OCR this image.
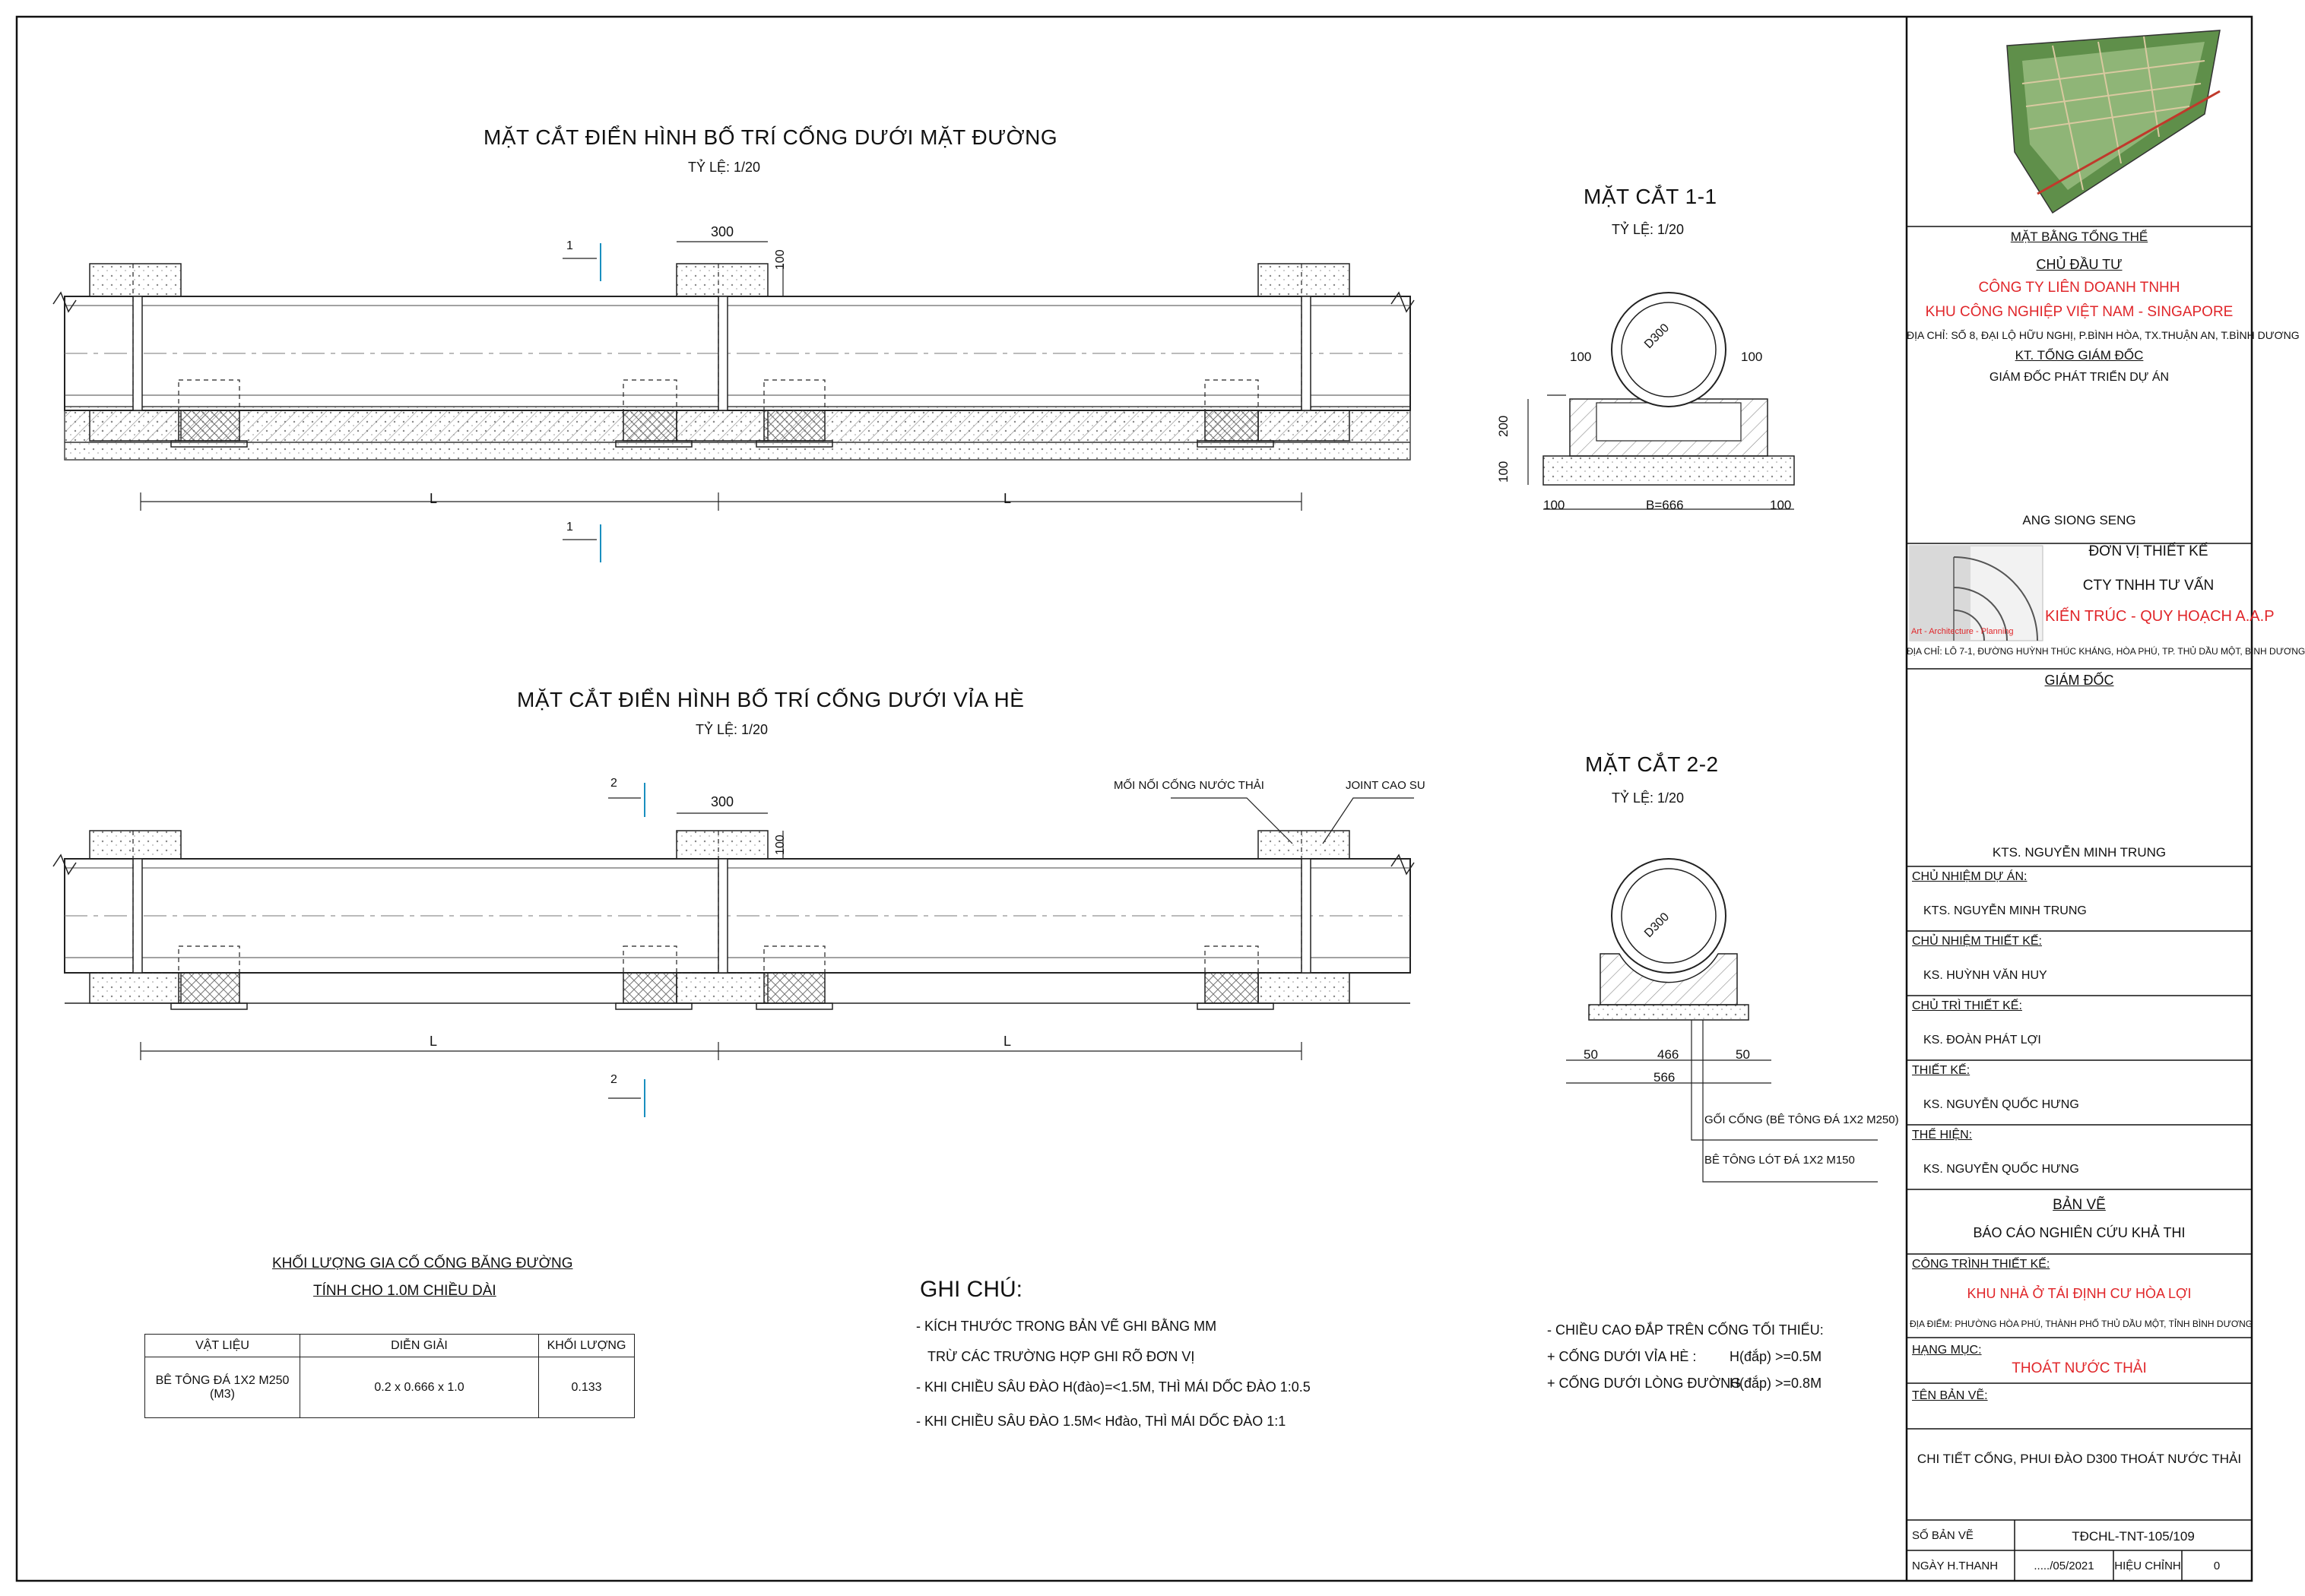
MẶT CẮT ĐIỂN HÌNH BỐ TRÍ CỐNG DƯỚI MẶT ĐƯỜNG
TỶ LỆ: 1/20
300
100
L	L
1
1
MẶT CẮT ĐIỂN HÌNH BỐ TRÍ CỐNG DƯỚI VỈA HÈ
TỶ LỆ: 1/20
300
100
L	L
2
2
MỐI NỐI CỐNG NƯỚC THẢI	JOINT CAO SU
MẶT CẮT 1-1
TỶ LỆ: 1/20
D300
100	100
200
100
100	B=666	100
MẶT CẮT 2-2
TỶ LỆ: 1/20
D300
50	466	50
566
GỐI CỐNG (BÊ TÔNG ĐÁ 1X2 M250)
BÊ TÔNG LÓT ĐÁ 1X2 M150
KHỐI LƯỢNG GIA CỐ CỐNG BĂNG ĐƯỜNG
TÍNH CHO 1.0M CHIỀU DÀI
VẬT LIỆU	DIỄN GIẢI	KHỐI LƯỢNG
BÊ TÔNG ĐÁ 1X2 M250 (M3)	0.2 x 0.666 x 1.0	0.133
GHI CHÚ:
- KÍCH THƯỚC TRONG BẢN VẼ GHI BẰNG MM
TRỪ CÁC TRƯỜNG HỢP GHI RÕ ĐƠN VỊ
- KHI CHIỀU SÂU ĐÀO H(đào)=<1.5M, THÌ MÁI DỐC ĐÀO 1:0.5
- KHI CHIỀU SÂU ĐÀO 1.5M< Hđào, THÌ MÁI DỐC ĐÀO 1:1
- CHIỀU CAO ĐẮP TRÊN CỐNG TỐI THIỂU:
+ CỐNG DƯỚI VỈA HÈ : H(đắp) >=0.5M
+ CỐNG DƯỚI LÒNG ĐƯỜNG :
H(đắp) >=0.8M
MẶT BẰNG TỔNG THỂ
CHỦ ĐẦU TƯ
CÔNG TY LIÊN DOANH TNHH
KHU CÔNG NGHIỆP VIỆT NAM - SINGAPORE
ĐỊA CHỈ: SỐ 8, ĐẠI LỘ HỮU NGHỊ, P.BÌNH HÒA, TX.THUẬN AN, T.BÌNH DƯƠNG
KT. TỔNG GIÁM ĐỐC
GIÁM ĐỐC PHÁT TRIỂN DỰ ÁN
ANG SIONG SENG
ĐƠN VỊ THIẾT KẾ
CTY TNHH TƯ VẤN
KIẾN TRÚC - QUY HOẠCH A.A.P
Art - Architecture - Planning
ĐỊA CHỈ: LÔ 7-1, ĐƯỜNG HUỲNH THÚC KHÁNG, HÒA PHÚ, TP. THỦ DẦU MỘT, BÌNH DƯƠNG
GIÁM ĐỐC
KTS. NGUYỄN MINH TRUNG
CHỦ NHIỆM DỰ ÁN:
KTS. NGUYỄN MINH TRUNG
CHỦ NHIỆM THIẾT KẾ:
KS. HUỲNH VĂN HUY
CHỦ TRÌ THIẾT KẾ:
KS. ĐOÀN PHÁT LỢI
THIẾT KẾ:
KS. NGUYỄN QUỐC HƯNG
THỂ HIỆN:
KS. NGUYỄN QUỐC HƯNG
BẢN VẼ
BÁO CÁO NGHIÊN CỨU KHẢ THI
CÔNG TRÌNH THIẾT KẾ:
KHU NHÀ Ở TÁI ĐỊNH CƯ HÒA LỢI
ĐỊA ĐIỂM: PHƯỜNG HÒA PHÚ, THÀNH PHỐ THỦ DẦU MỘT, TỈNH BÌNH DƯƠNG
HẠNG MỤC:
THOÁT NƯỚC THẢI
TÊN BẢN VẼ:
CHI TIẾT CỐNG, PHUI ĐÀO D300 THOÁT NƯỚC THẢI
SỐ BẢN VẼ	TĐCHL-TNT-105/109
NGÀY H.THANH	...../05/2021	HIỆU CHỈNH	0
